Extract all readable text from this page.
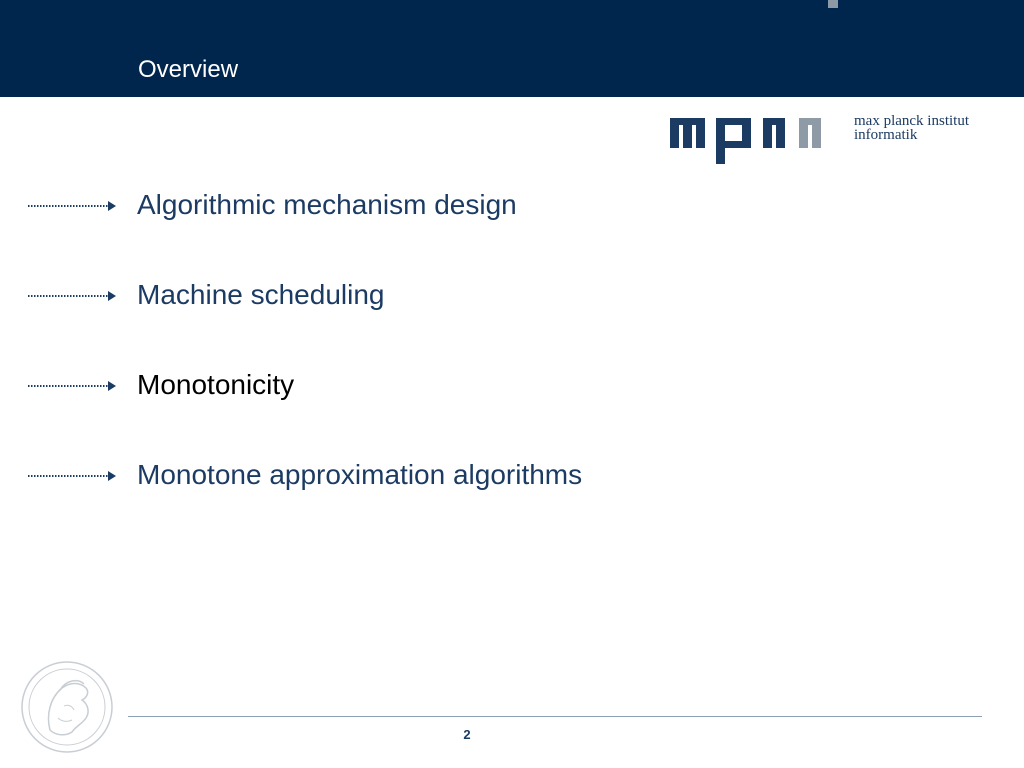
Overview
max planck institut
informatik
Algorithmic mechanism design
Machine scheduling
Monotonicity
Monotone approximation algorithms
2
